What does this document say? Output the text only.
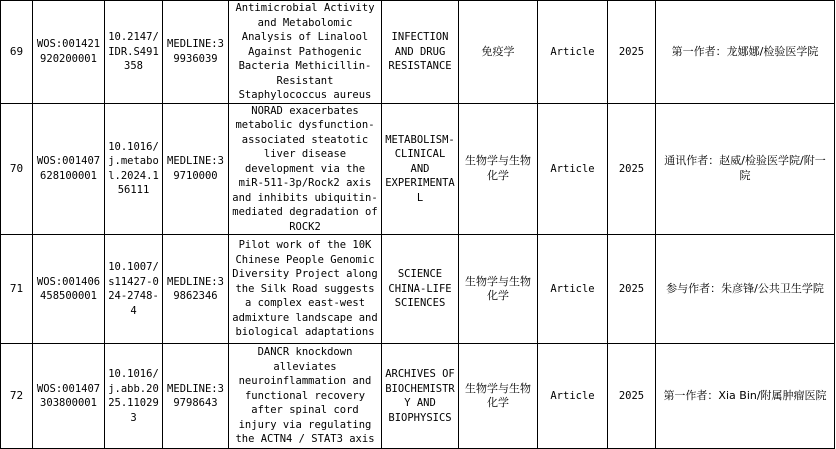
69	WOS:001421920200001	10.2147/IDR.S491358	MEDLINE:39936039	Antimicrobial Activity and Metabolomic Analysis of Linalool Against Pathogenic Bacteria Methicillin-Resistant Staphylococcus aureus	INFECTION AND DRUG RESISTANCE	免疫学	Article	2025	第一作者：龙娜娜/检验医学院
70	WOS:001407628100001	10.1016/j.metabol.2024.156111	MEDLINE:39710000	NORAD exacerbates metabolic dysfunction-associated steatotic liver disease development via the miR-511-3p/Rock2 axis and inhibits ubiquitin-mediated degradation of ROCK2	METABOLISM-CLINICAL AND EXPERIMENTAL	生物学与生物化学	Article	2025	通讯作者：赵威/检验医学院/附一院
71	WOS:001406458500001	10.1007/s11427-024-2748-4	MEDLINE:39862346	Pilot work of the 10K Chinese People Genomic Diversity Project along the Silk Road suggests a complex east-west admixture landscape and biological adaptations	SCIENCE CHINA-LIFE SCIENCES	生物学与生物化学	Article	2025	参与作者：朱彦锋/公共卫生学院
72	WOS:001407303800001	10.1016/j.abb.2025.110293	MEDLINE:39798643	DANCR knockdown alleviates neuroinflammation and functional recovery after spinal cord injury via regulating the ACTN4 / STAT3 axis	ARCHIVES OF BIOCHEMISTRY AND BIOPHYSICS	生物学与生物化学	Article	2025	第一作者：Xia Bin/附属肿瘤医院
